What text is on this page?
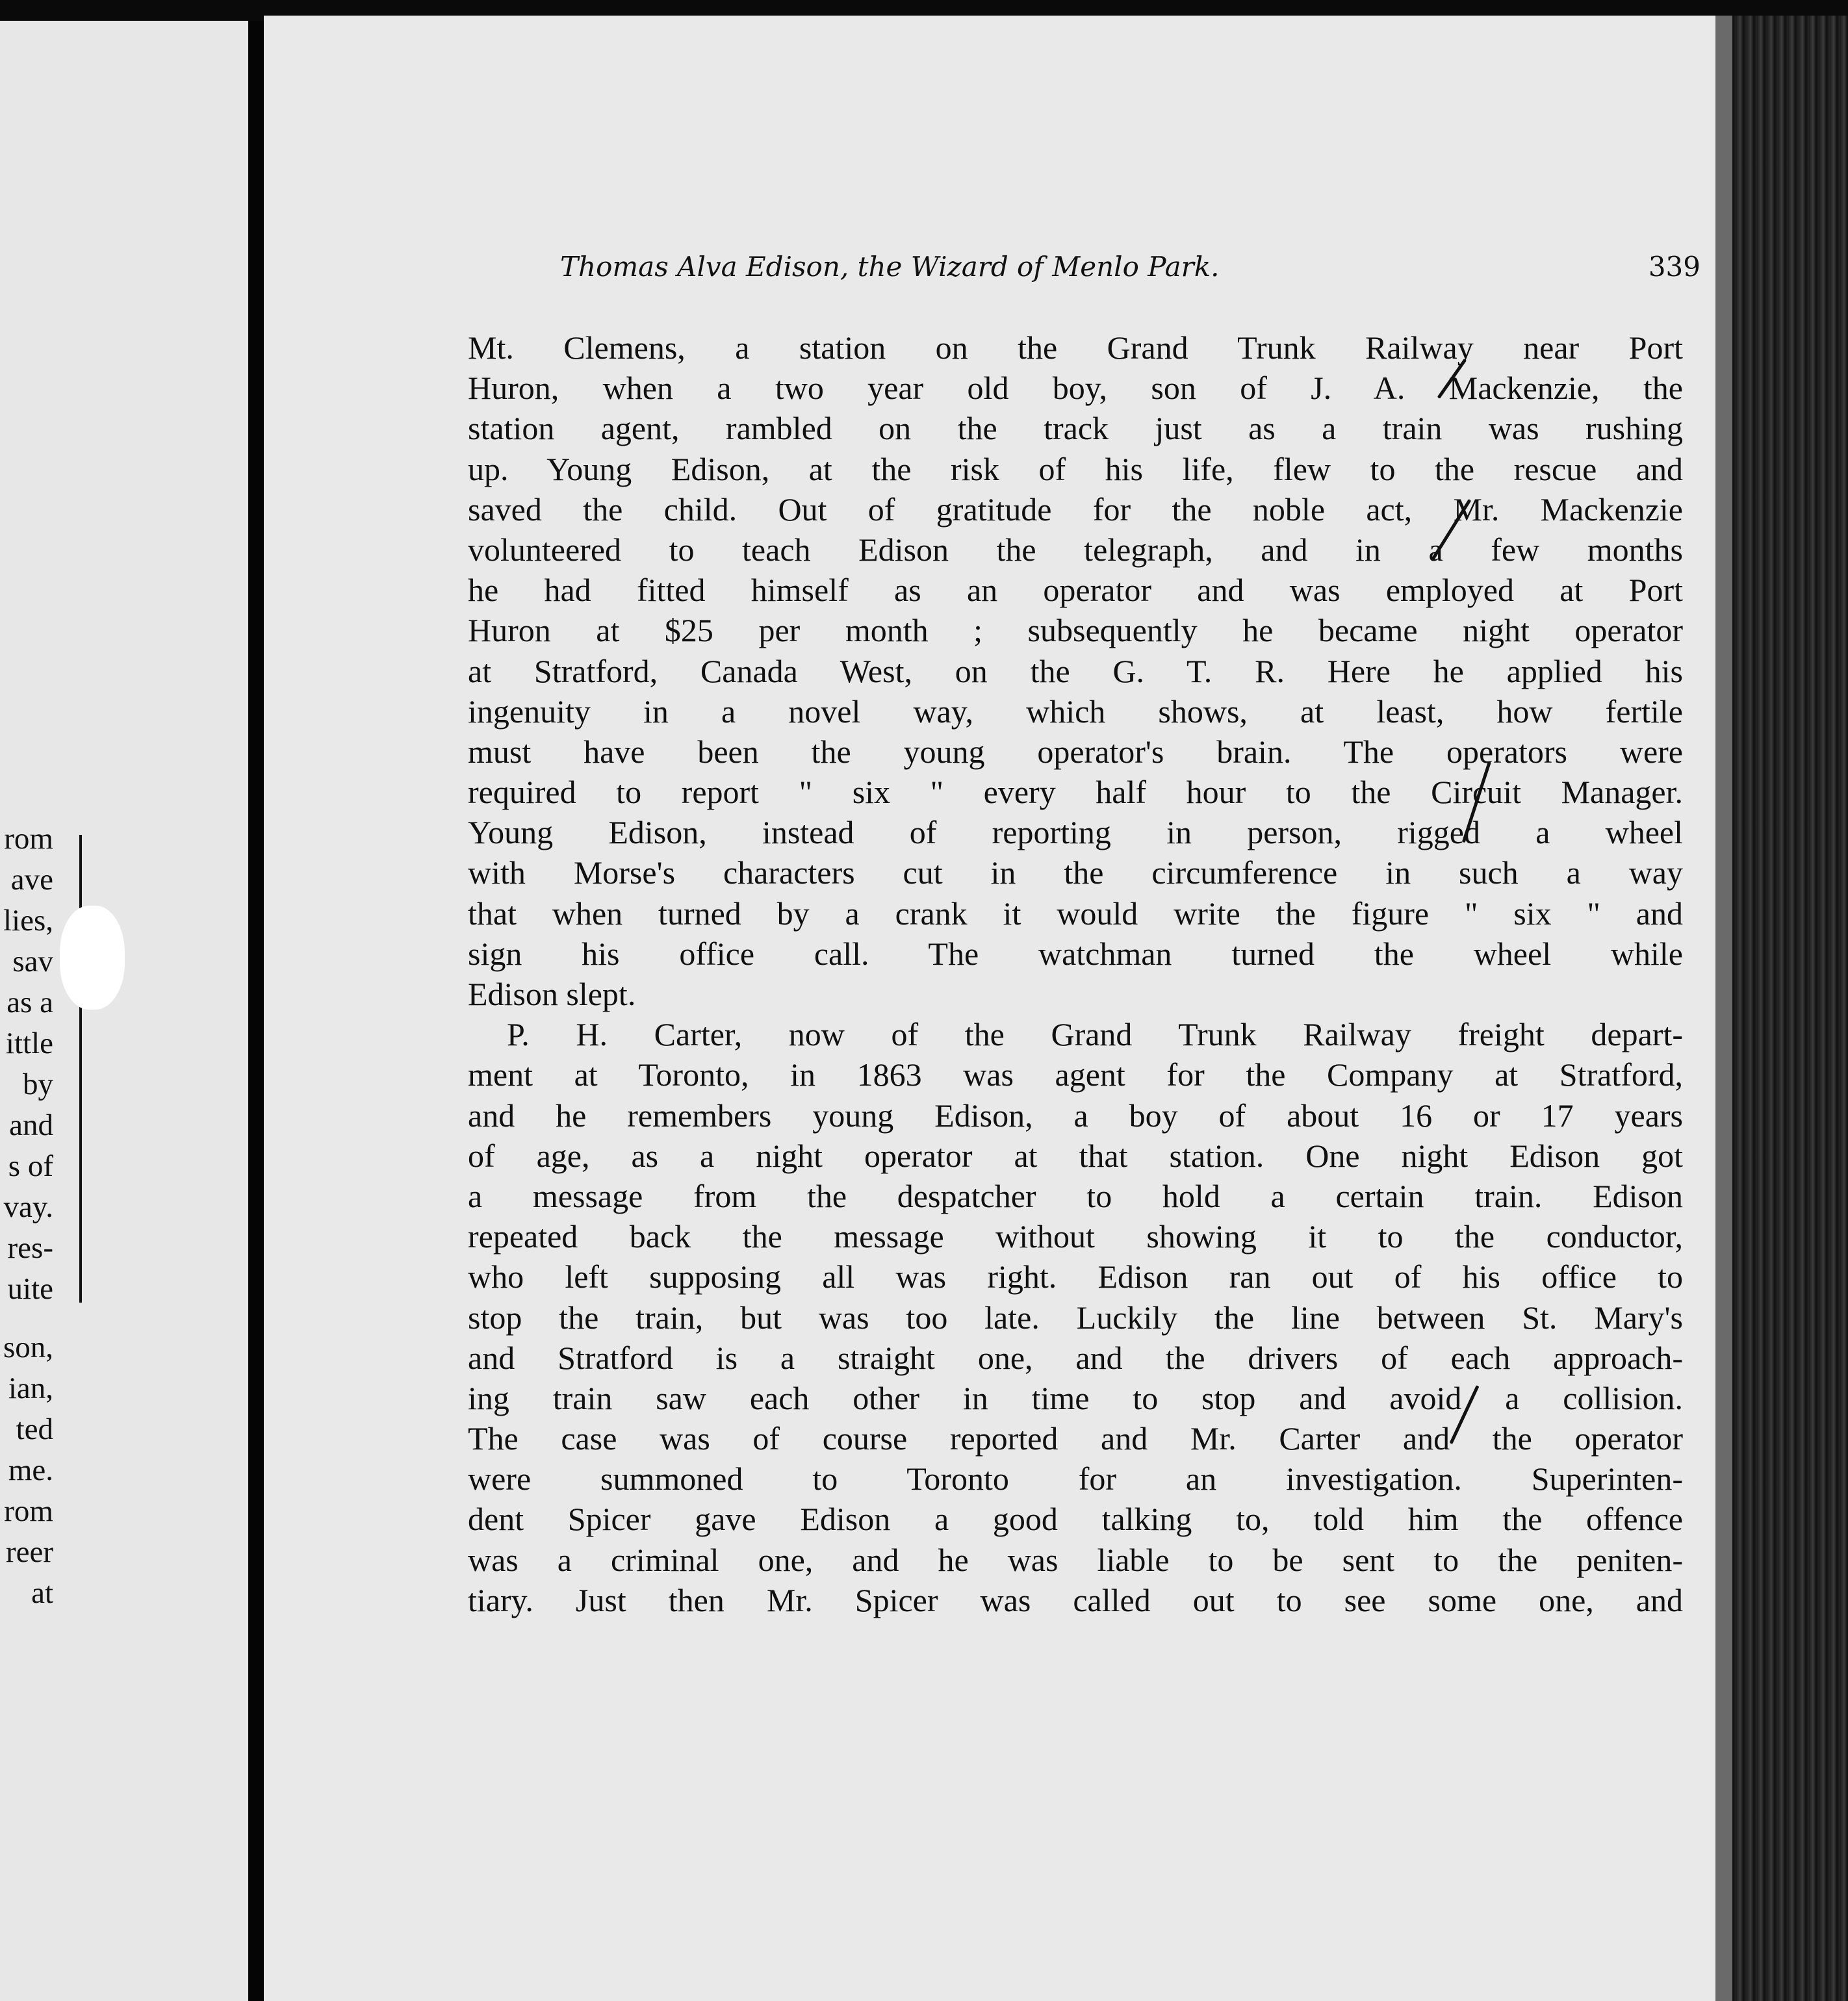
rom
ave
lies,
sav
as a
ittle
by
and
s of
vay.
res-
uite
son,
ian,
ted
me.
rom
reer
at
Thomas Alva Edison, the Wizard of Menlo Park.	339
Mt. Clemens, a station on the Grand Trunk Railway near Port
Huron, when a two year old boy, son of J. A. Mackenzie, the
station agent, rambled on the track just as a train was rushing
up. Young Edison, at the risk of his life, flew to the rescue and
saved the child. Out of gratitude for the noble act, Mr. Mackenzie
volunteered to teach Edison the telegraph, and in a few months
he had fitted himself as an operator and was employed at Port
Huron at $25 per month ; subsequently he became night operator
at Stratford, Canada West, on the G. T. R. Here he applied his
ingenuity in a novel way, which shows, at least, how fertile
must have been the young operator's brain. The operators were
required to report " six " every half hour to the Circuit Manager.
Young Edison, instead of reporting in person, rigged a wheel
with Morse's characters cut in the circumference in such a way
that when turned by a crank it would write the figure " six " and
sign his office call. The watchman turned the wheel while
Edison slept.
P. H. Carter, now of the Grand Trunk Railway freight depart-
ment at Toronto, in 1863 was agent for the Company at Stratford,
and he remembers young Edison, a boy of about 16 or 17 years
of age, as a night operator at that station. One night Edison got
a message from the despatcher to hold a certain train. Edison
repeated back the message without showing it to the conductor,
who left supposing all was right. Edison ran out of his office to
stop the train, but was too late. Luckily the line between St. Mary's
and Stratford is a straight one, and the drivers of each approach-
ing train saw each other in time to stop and avoid a collision.
The case was of course reported and Mr. Carter and the operator
were summoned to Toronto for an investigation. Superinten-
dent Spicer gave Edison a good talking to, told him the offence
was a criminal one, and he was liable to be sent to the peniten-
tiary. Just then Mr. Spicer was called out to see some one, and
